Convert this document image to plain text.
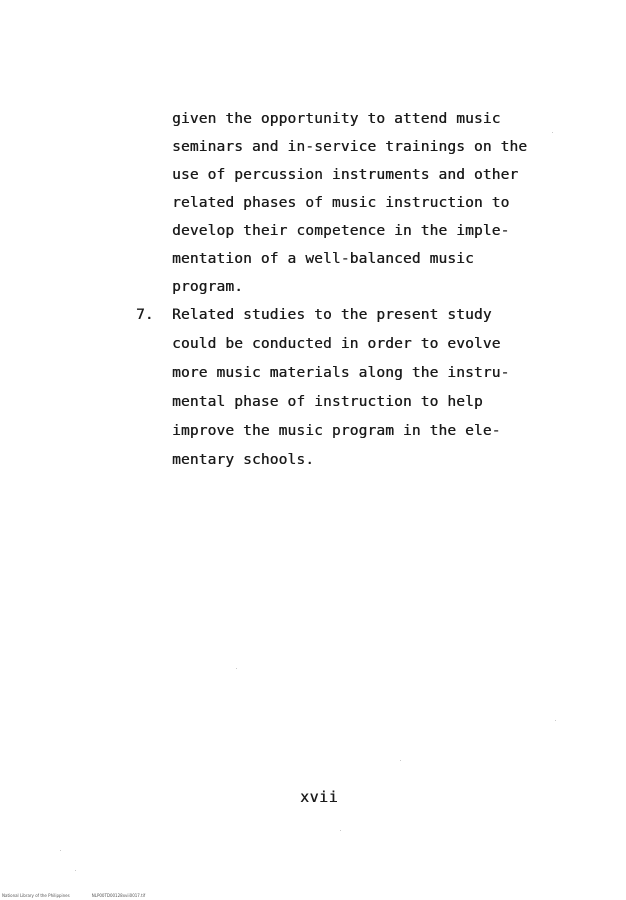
given the opportunity to attend music
seminars and in-service trainings on the
use of percussion instruments and other
related phases of music instruction to
develop their competence in the imple-
mentation of a well-balanced music
program.
7. Related studies to the present study
could be conducted in order to evolve
more music materials along the instru-
mental phase of instruction to help
improve the music program in the ele-
mentary schools.
xvii
National Library of the Philippines	NLP00TD00128xvii0017.tif
